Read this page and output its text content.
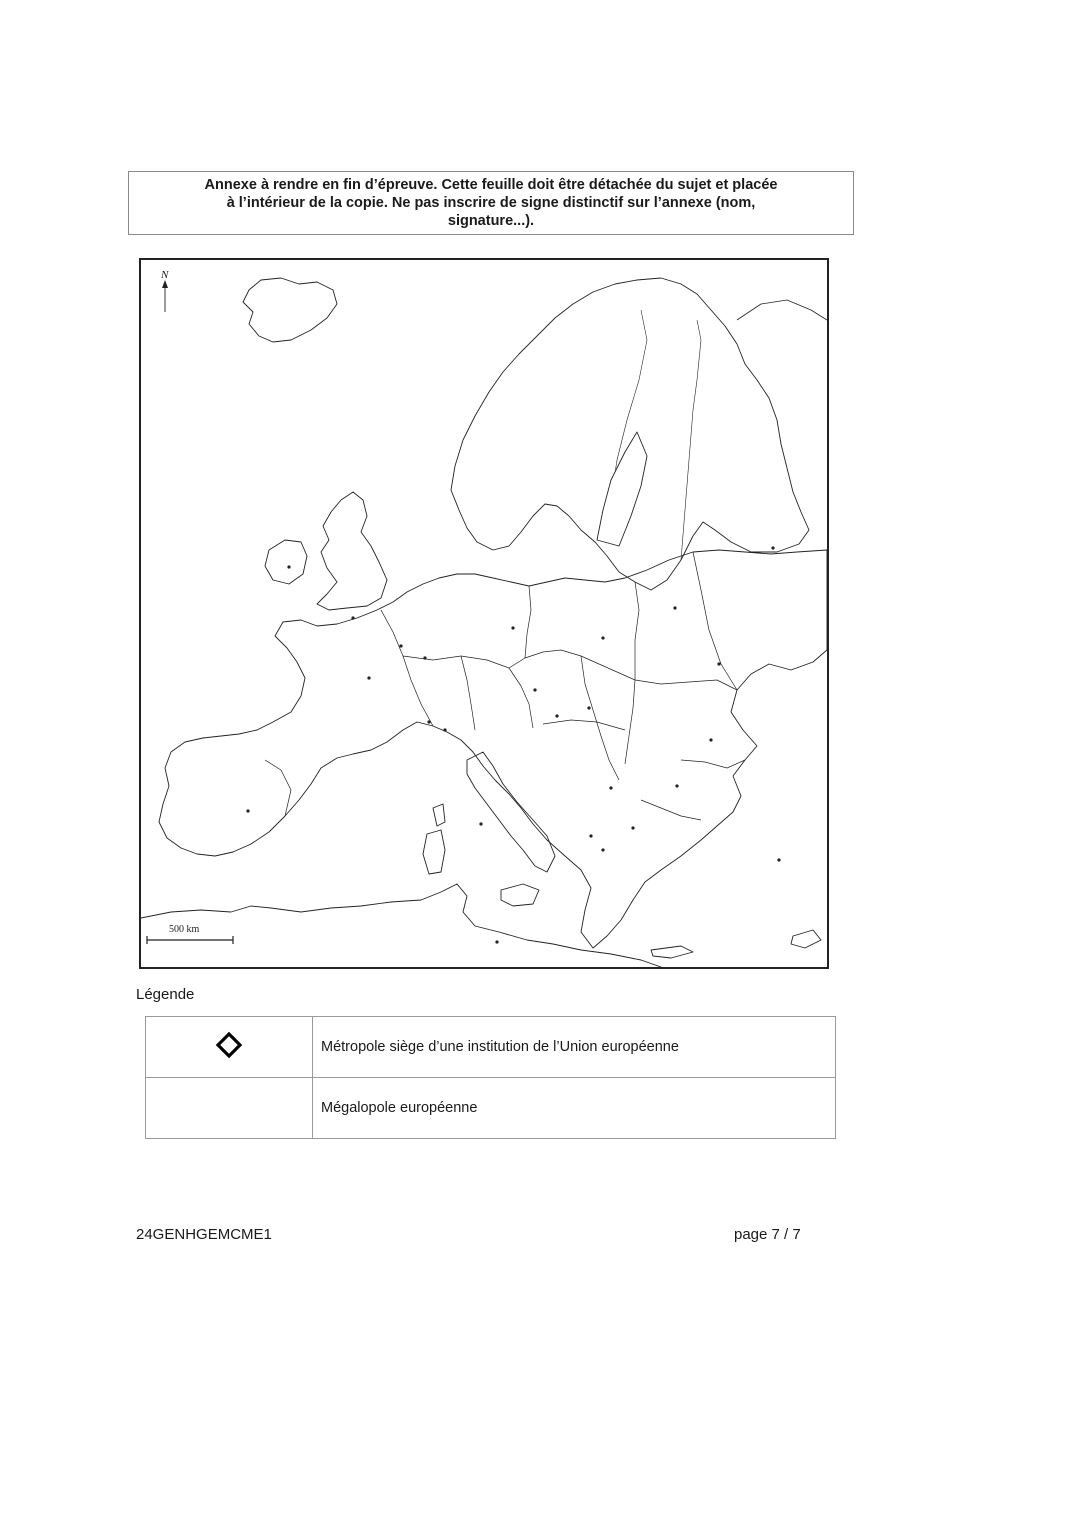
Annexe à rendre en fin d’épreuve. Cette feuille doit être détachée du sujet et placée
à l’intérieur de la copie. Ne pas inscrire de signe distinctif sur l’annexe (nom,
signature...).
N
500 km
Légende
	Métropole siège d’une institution de l’Union européenne
	Mégalopole européenne
24GENHGEMCME1	page 7 / 7
